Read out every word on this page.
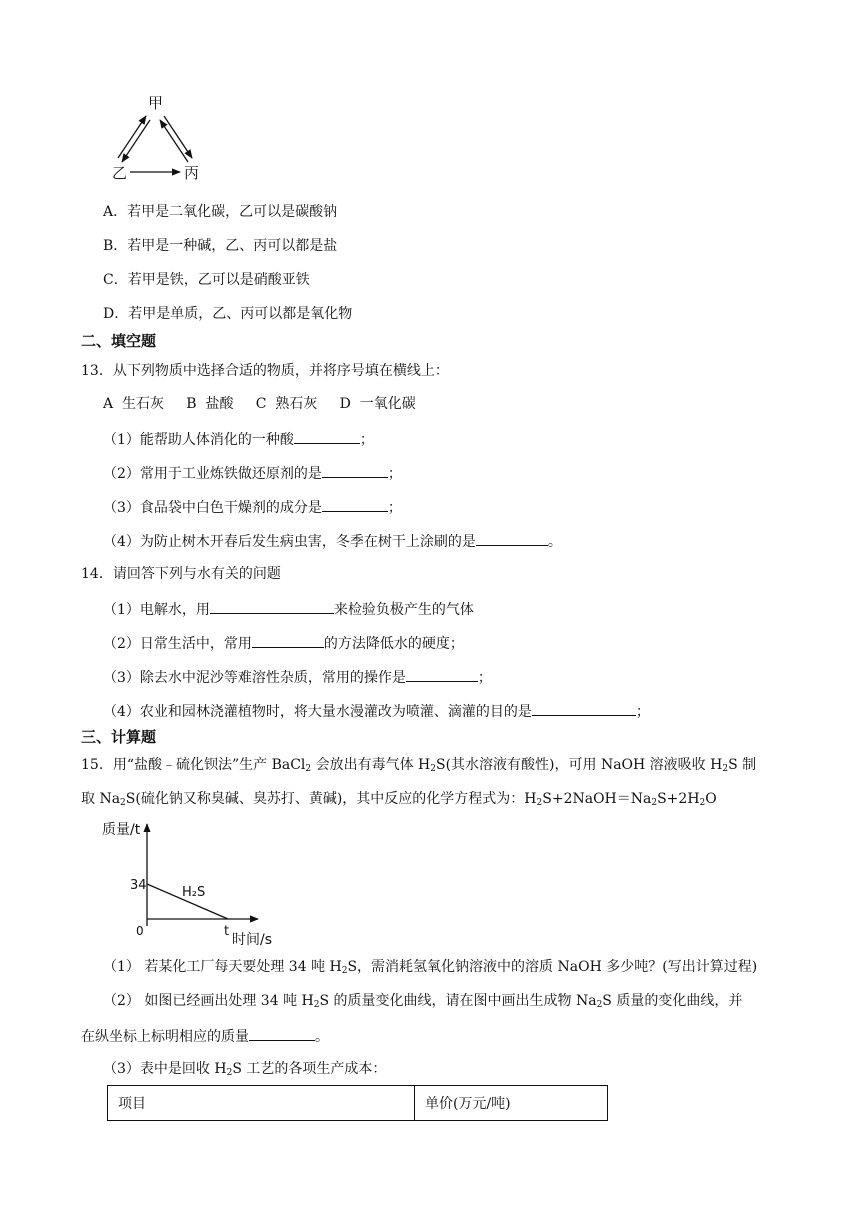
甲
乙	丙
A．若甲是二氧化碳，乙可以是碳酸钠
B．若甲是一种碱，乙、丙可以都是盐
C．若甲是铁，乙可以是硝酸亚铁
D．若甲是单质，乙、丙可以都是氧化物
二、填空题
13．从下列物质中选择合适的物质，并将序号填在横线上：
A  生石灰     B  盐酸     C  熟石灰     D  一氧化碳
（1）能帮助人体消化的一种酸	；
（2）常用于工业炼铁做还原剂的是	；
（3）食品袋中白色干燥剂的成分是	；
（4）为防止树木开春后发生病虫害，冬季在树干上涂刷的是	。
14．请回答下列与水有关的问题
（1）电解水，用	来检验负极产生的气体
（2）日常生活中，常用	的方法降低水的硬度；
（3）除去水中泥沙等难溶性杂质，常用的操作是	；
（4）农业和园林浇灌植物时，将大量水漫灌改为喷灌、滴灌的目的是	；
三、计算题
15．用“盐酸﹣硫化钡法”生产 BaCl$_2$ 会放出有毒气体 $H_2S$(其水溶液有酸性)，可用 NaOH 溶液吸收 $H_2S$ 制
取 $Na_2S$(硫化钠又称臭碱、臭苏打、黄碱)，其中反应的化学方程式为：$H_2S+2NaOH=Na_2S+2H_2O$
质量/t
34
0	t
时间/s
H₂S
（1） 若某化工厂每天要处理 34 吨 $H_2S$，需消耗氢氧化钠溶液中的溶质 NaOH 多少吨？(写出计算过程)
（2） 如图已经画出处理 34 吨 $H_2S$ 的质量变化曲线，请在图中画出生成物 $Na_2S$ 质量的变化曲线，并
在纵坐标上标明相应的质量	。
（3）表中是回收 $H_2S$ 工艺的各项生产成本：
项目	单价(万元/吨)
